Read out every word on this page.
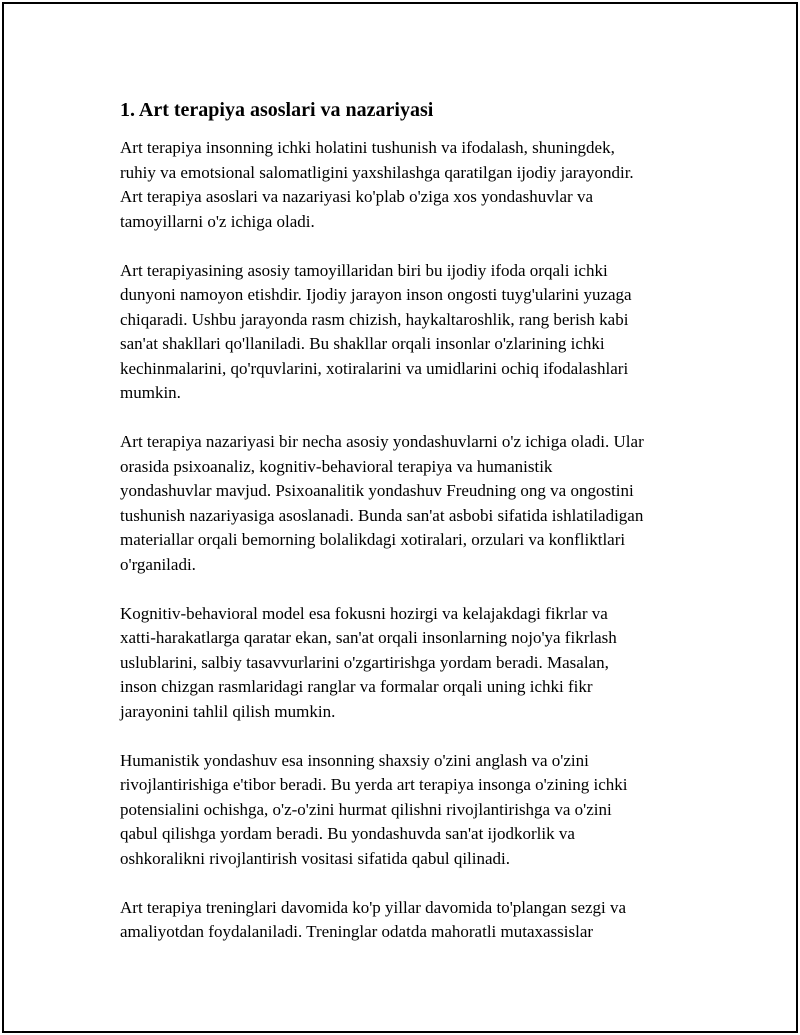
1. Art terapiya asoslari va nazariyasi

Art terapiya insonning ichki holatini tushunish va ifodalash, shuningdek,
ruhiy va emotsional salomatligini yaxshilashga qaratilgan ijodiy jarayondir.
Art terapiya asoslari va nazariyasi ko'plab o'ziga xos yondashuvlar va
tamoyillarni o'z ichiga oladi.

Art terapiyasining asosiy tamoyillaridan biri bu ijodiy ifoda orqali ichki
dunyoni namoyon etishdir. Ijodiy jarayon inson ongosti tuyg'ularini yuzaga
chiqaradi. Ushbu jarayonda rasm chizish, haykaltaroshlik, rang berish kabi
san'at shakllari qo'llaniladi. Bu shakllar orqali insonlar o'zlarining ichki
kechinmalarini, qo'rquvlarini, xotiralarini va umidlarini ochiq ifodalashlari
mumkin.

Art terapiya nazariyasi bir necha asosiy yondashuvlarni o'z ichiga oladi. Ular
orasida psixoanaliz, kognitiv-behavioral terapiya va humanistik
yondashuvlar mavjud. Psixoanalitik yondashuv Freudning ong va ongostini
tushunish nazariyasiga asoslanadi. Bunda san'at asbobi sifatida ishlatiladigan
materiallar orqali bemorning bolalikdagi xotiralari, orzulari va konfliktlari
o'rganiladi.

Kognitiv-behavioral model esa fokusni hozirgi va kelajakdagi fikrlar va
xatti-harakatlarga qaratar ekan, san'at orqali insonlarning nojo'ya fikrlash
uslublarini, salbiy tasavvurlarini o'zgartirishga yordam beradi. Masalan,
inson chizgan rasmlaridagi ranglar va formalar orqali uning ichki fikr
jarayonini tahlil qilish mumkin.

Humanistik yondashuv esa insonning shaxsiy o'zini anglash va o'zini
rivojlantirishiga e'tibor beradi. Bu yerda art terapiya insonga o'zining ichki
potensialini ochishga, o'z-o'zini hurmat qilishni rivojlantirishga va o'zini
qabul qilishga yordam beradi. Bu yondashuvda san'at ijodkorlik va
oshkoralikni rivojlantirish vositasi sifatida qabul qilinadi.

Art terapiya treninglari davomida ko'p yillar davomida to'plangan sezgi va
amaliyotdan foydalaniladi. Treninglar odatda mahoratli mutaxassislar
